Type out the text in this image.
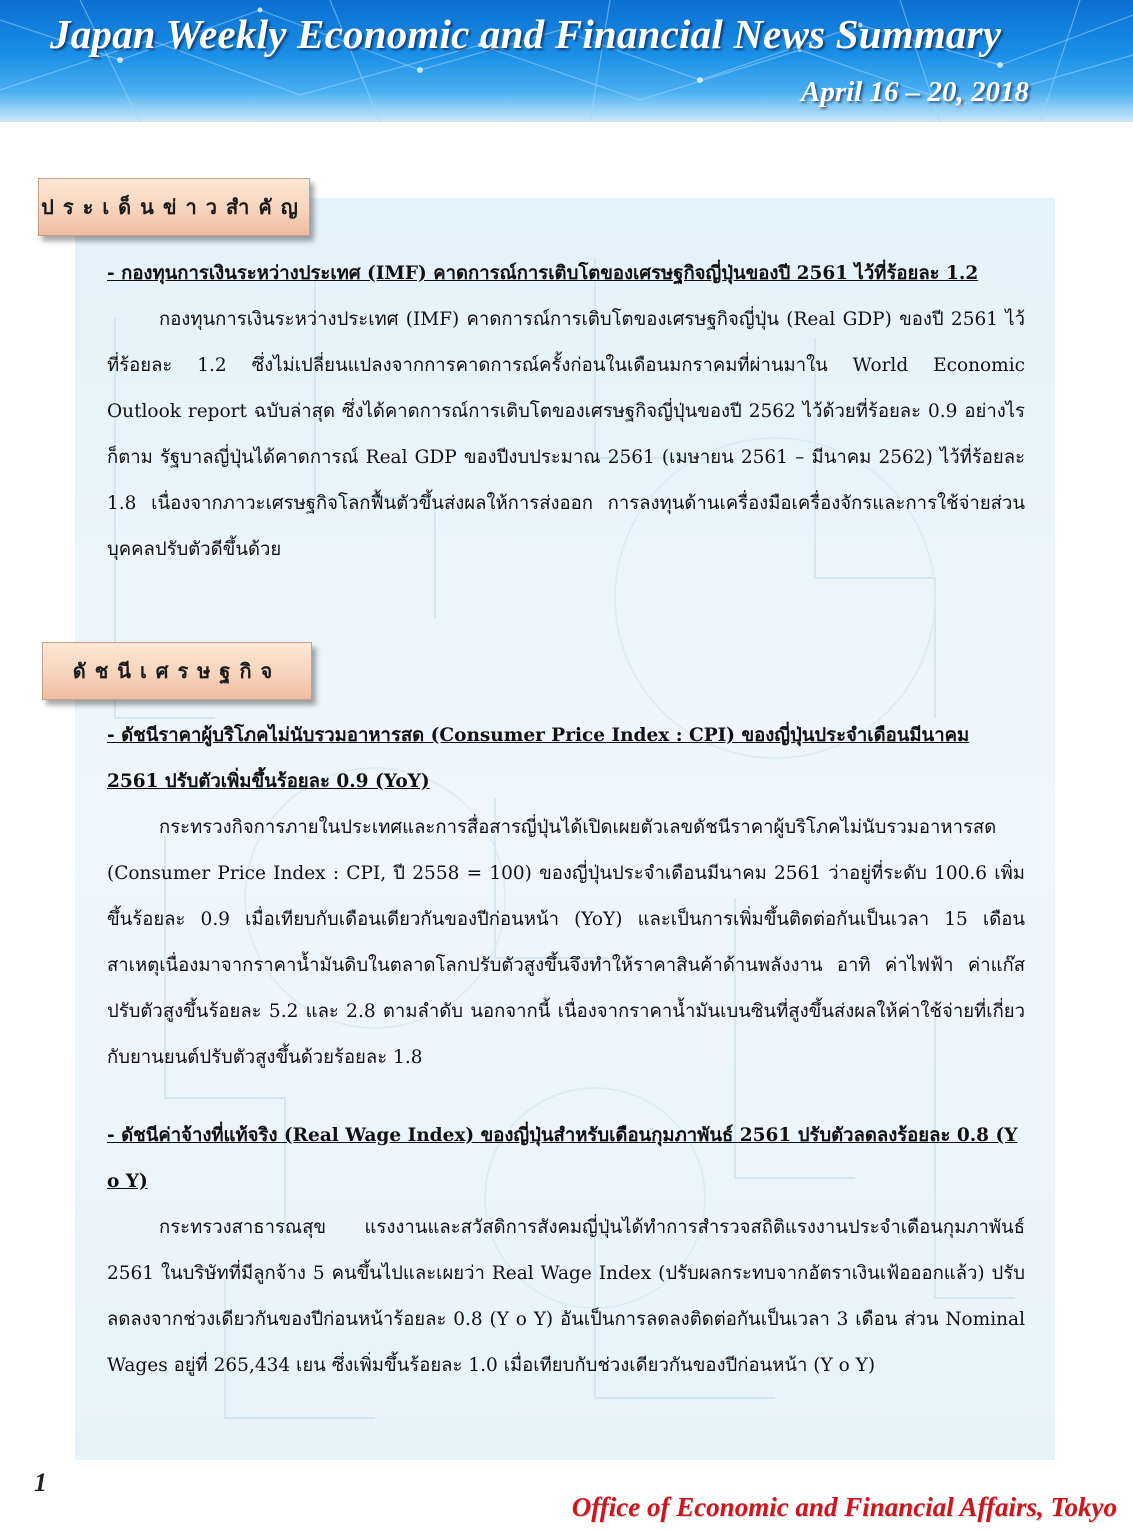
Japan Weekly Economic and Financial News Summary
April 16 – 20, 2018
ประเด็นข่าวสำคัญ
- กองทุนการเงินระหว่างประเทศ (IMF) คาดการณ์การเติบโตของเศรษฐกิจญี่ปุ่นของปี 2561 ไว้ที่ร้อยละ 1.2
กองทุนการเงินระหว่างประเทศ (IMF) คาดการณ์การเติบโตของเศรษฐกิจญี่ปุ่น (Real GDP) ของปี 2561 ไว้ที่ร้อยละ 1.2 ซึ่งไม่เปลี่ยนแปลงจากการคาดการณ์ครั้งก่อนในเดือนมกราคมที่ผ่านมาใน World Economic Outlook report ฉบับล่าสุด ซึ่งได้คาดการณ์การเติบโตของเศรษฐกิจญี่ปุ่นของปี 2562 ไว้ด้วยที่ร้อยละ 0.9 อย่างไรก็ตาม รัฐบาลญี่ปุ่นได้คาดการณ์ Real GDP ของปีงบประมาณ 2561 (เมษายน 2561 – มีนาคม 2562) ไว้ที่ร้อยละ 1.8 เนื่องจากภาวะเศรษฐกิจโลกฟื้นตัวขึ้นส่งผลให้การส่งออก การลงทุนด้านเครื่องมือเครื่องจักรและการใช้จ่ายส่วนบุคคลปรับตัวดีขึ้นด้วย
ดัชนีเศรษฐกิจ
- ดัชนีราคาผู้บริโภคไม่นับรวมอาหารสด (Consumer Price Index : CPI) ของญี่ปุ่นประจำเดือนมีนาคม 2561 ปรับตัวเพิ่มขึ้นร้อยละ 0.9 (YoY)
กระทรวงกิจการภายในประเทศและการสื่อสารญี่ปุ่นได้เปิดเผยตัวเลขดัชนีราคาผู้บริโภคไม่นับรวมอาหารสด (Consumer Price Index : CPI, ปี 2558 = 100) ของญี่ปุ่นประจำเดือนมีนาคม 2561 ว่าอยู่ที่ระดับ 100.6 เพิ่มขึ้นร้อยละ 0.9 เมื่อเทียบกับเดือนเดียวกันของปีก่อนหน้า (YoY) และเป็นการเพิ่มขึ้นติดต่อกันเป็นเวลา 15 เดือน สาเหตุเนื่องมาจากราคาน้ำมันดิบในตลาดโลกปรับตัวสูงขึ้นจึงทำให้ราคาสินค้าด้านพลังงาน อาทิ ค่าไฟฟ้า ค่าแก๊ส ปรับตัวสูงขึ้นร้อยละ 5.2 และ 2.8 ตามลำดับ นอกจากนี้ เนื่องจากราคาน้ำมันเบนซินที่สูงขึ้นส่งผลให้ค่าใช้จ่ายที่เกี่ยวกับยานยนต์ปรับตัวสูงขึ้นด้วยร้อยละ 1.8
- ดัชนีค่าจ้างที่แท้จริง (Real Wage Index) ของญี่ปุ่นสำหรับเดือนกุมภาพันธ์ 2561 ปรับตัวลดลงร้อยละ 0.8 (Y o Y)
กระทรวงสาธารณสุข แรงงานและสวัสดิการสังคมญี่ปุ่นได้ทำการสำรวจสถิติแรงงานประจำเดือนกุมภาพันธ์ 2561 ในบริษัทที่มีลูกจ้าง 5 คนขึ้นไปและเผยว่า Real Wage Index (ปรับผลกระทบจากอัตราเงินเฟ้อออกแล้ว) ปรับลดลงจากช่วงเดียวกันของปีก่อนหน้าร้อยละ 0.8 (Y o Y) อันเป็นการลดลงติดต่อกันเป็นเวลา 3 เดือน ส่วน Nominal Wages อยู่ที่ 265,434 เยน ซึ่งเพิ่มขึ้นร้อยละ 1.0 เมื่อเทียบกับช่วงเดียวกันของปีก่อนหน้า (Y o Y)
1
Office of Economic and Financial Affairs, Tokyo
